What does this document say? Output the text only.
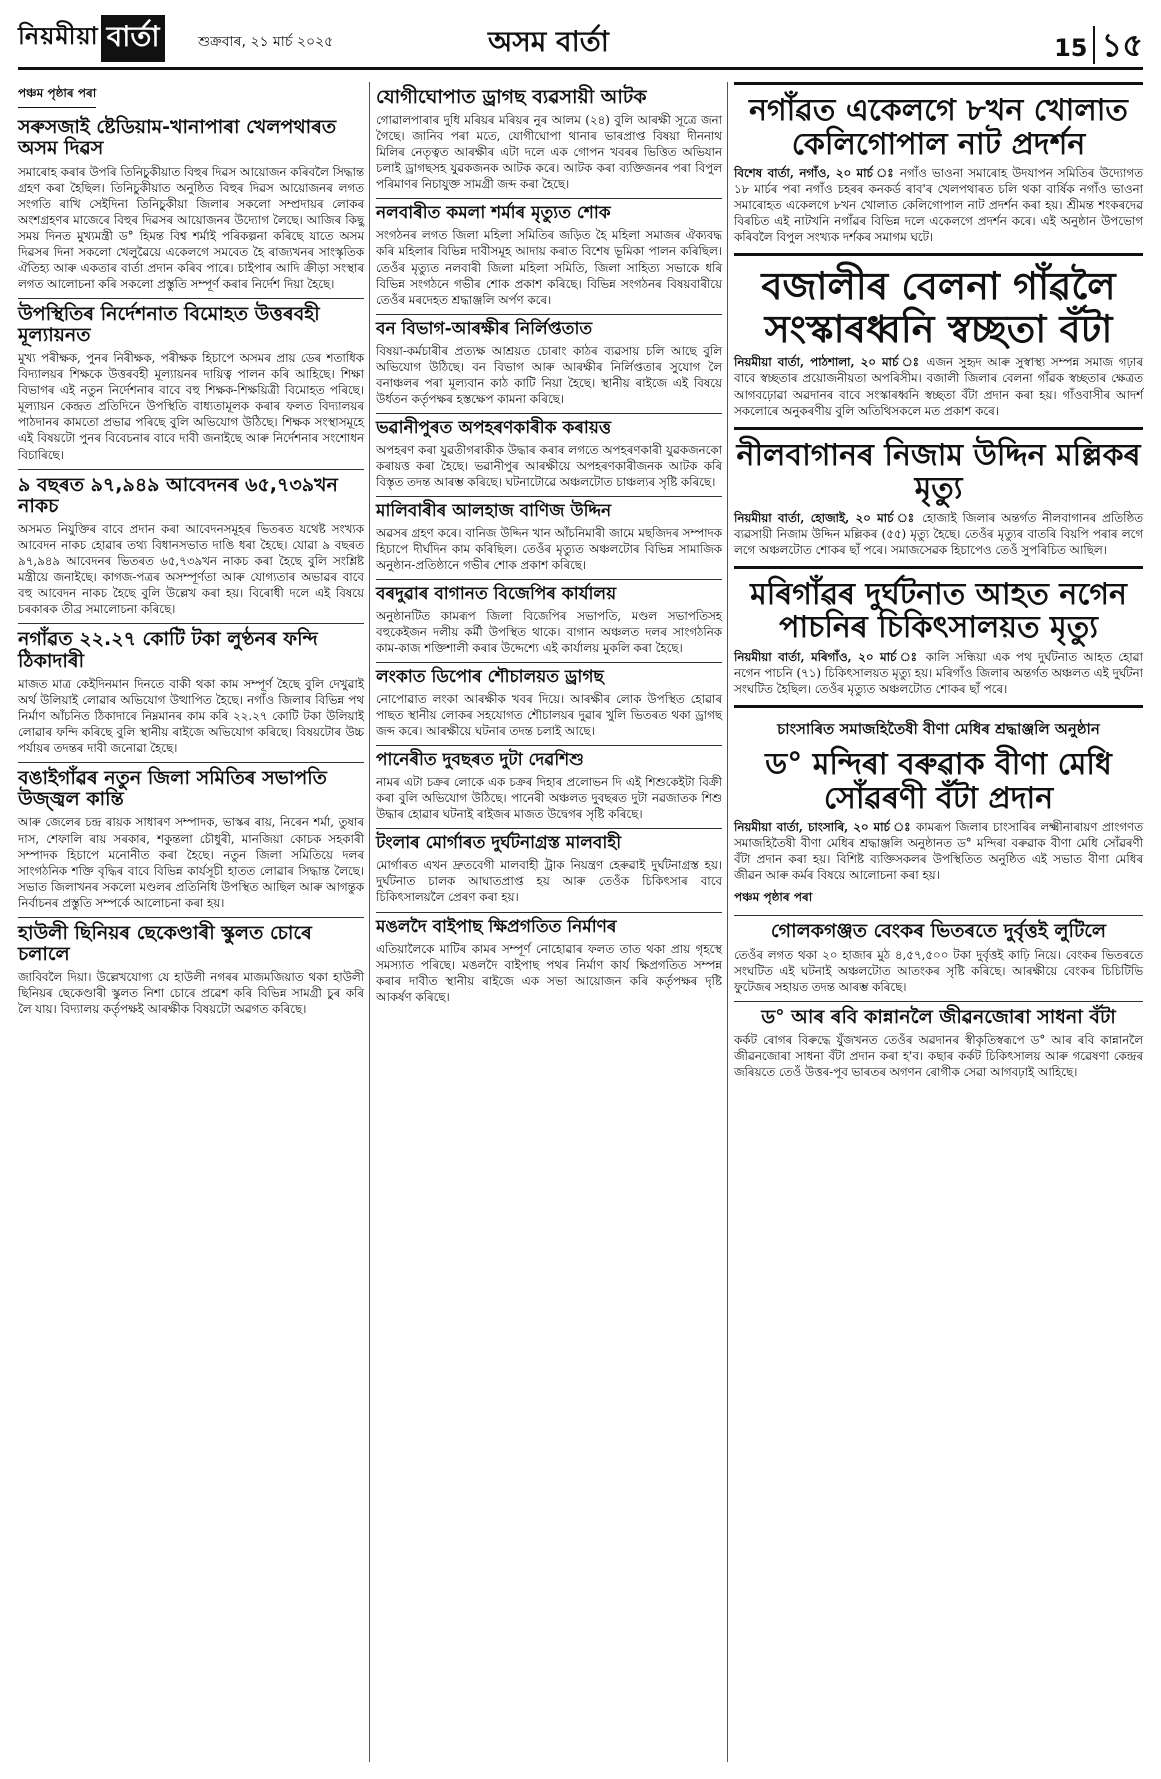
নিয়মীয়া বার্তা	শুক্ৰবাৰ, ২১ মাৰ্চ ২০২৫	অসম বাৰ্তা	15 ১৫
পঞ্চম পৃষ্ঠাৰ পৰা
সৰুসজাই ষ্টেডিয়াম-খানাপাৰা খেলপথাৰত অসম দিৱস

সমাৰোহ কৰাৰ উপৰি তিনিচুকীয়াত বিহুৰ দিৱস আয়োজন কৰিবলৈ সিদ্ধান্ত গ্ৰহণ কৰা হৈছিল। তিনিচুকীয়াত অনুষ্ঠিত বিহুৰ দিৱস আয়োজনৰ লগত সংগতি ৰাখি সেইদিনা তিনিচুকীয়া জিলাৰ সকলো সম্প্ৰদায়ৰ লোকৰ অংশগ্ৰহণৰ মাজেৰে বিহুৰ দিৱসৰ আয়োজনৰ উদ্যোগ লৈছে। আজিৰ কিছু সময় দিনত মুখ্যমন্ত্ৰী ড° হিমন্ত বিশ্ব শৰ্মাই পৰিকল্পনা কৰিছে যাতে অসম দিৱসৰ দিনা সকলো খেলুৱৈয়ে একেলগে সমবেত হৈ ৰাজ্যখনৰ সাংস্কৃতিক ঐতিহ্য আৰু একতাৰ বাৰ্তা প্ৰদান কৰিব পাৰে। চাইপাৰ আদি ক্ৰীড়া সংস্থাৰ লগত আলোচনা কৰি সকলো প্ৰস্তুতি সম্পূৰ্ণ কৰাৰ নিৰ্দেশ দিয়া হৈছে।

উপস্থিতিৰ নিৰ্দেশনাত বিমোহত উত্তৰবহী মূল্যায়নত

মুখ্য পৰীক্ষক, পুনৰ নিৰীক্ষক, পৰীক্ষক হিচাপে অসমৰ প্ৰায় ডেৰ শতাধিক বিদ্যালয়ৰ শিক্ষকে উত্তৰবহী মূল্যায়নৰ দায়িত্ব পালন কৰি আহিছে। শিক্ষা বিভাগৰ এই নতুন নিৰ্দেশনাৰ বাবে বহু শিক্ষক-শিক্ষয়িত্ৰী বিমোহত পৰিছে। মূল্যায়ন কেন্দ্ৰত প্ৰতিদিনে উপস্থিতি বাধ্যতামূলক কৰাৰ ফলত বিদ্যালয়ৰ পাঠদানৰ কামতো প্ৰভাৱ পৰিছে বুলি অভিযোগ উঠিছে। শিক্ষক সংস্থাসমূহে এই বিষয়টো পুনৰ বিবেচনাৰ বাবে দাবী জনাইছে আৰু নিৰ্দেশনাৰ সংশোধন বিচাৰিছে।

৯ বছৰত ৯৭,৯৪৯ আবেদনৰ ৬৫,৭৩৯খন নাকচ

অসমত নিযুক্তিৰ বাবে প্ৰদান কৰা আবেদনসমূহৰ ভিতৰত যথেষ্ট সংখ্যক আবেদন নাকচ হোৱাৰ তথ্য বিধানসভাত দাঙি ধৰা হৈছে। যোৱা ৯ বছৰত ৯৭,৯৪৯ আবেদনৰ ভিতৰত ৬৫,৭৩৯খন নাকচ কৰা হৈছে বুলি সংশ্লিষ্ট মন্ত্ৰীয়ে জনাইছে। কাগজ-পত্ৰৰ অসম্পূৰ্ণতা আৰু যোগ্যতাৰ অভাৱৰ বাবে বহু আবেদন নাকচ হৈছে বুলি উল্লেখ কৰা হয়। বিৰোধী দলে এই বিষয়ে চৰকাৰক তীব্ৰ সমালোচনা কৰিছে।

নগাঁৱত ২২.২৭ কোটি টকা লুণ্ঠনৰ ফন্দি ঠিকাদাৰী

মাজত মাত্ৰ কেইদিনমান দিনতে বাকী থকা কাম সম্পূৰ্ণ হৈছে বুলি দেখুৱাই অৰ্থ উলিয়াই লোৱাৰ অভিযোগ উত্থাপিত হৈছে। নগাঁও জিলাৰ বিভিন্ন পথ নিৰ্মাণ আঁচনিত ঠিকাদাৰে নিম্নমানৰ কাম কৰি ২২.২৭ কোটি টকা উলিয়াই লোৱাৰ ফন্দি কৰিছে বুলি স্থানীয় ৰাইজে অভিযোগ কৰিছে। বিষয়টোৰ উচ্চ পৰ্যায়ৰ তদন্তৰ দাবী জনোৱা হৈছে।

বঙাইগাঁৱৰ নতুন জিলা সমিতিৰ সভাপতি উজ্জ্বল কান্তি

আৰু জেলেৰ চন্দ্ৰ ৰায়ক সাধাৰণ সম্পাদক, ভাস্কৰ ৰায়, নিৰেন শৰ্মা, তুষাৰ দাস, শেফালি ৰায় সৰকাৰ, শকুন্তলা চৌধুৰী, মানজিয়া কোচক সহকাৰী সম্পাদক হিচাপে মনোনীত কৰা হৈছে। নতুন জিলা সমিতিয়ে দলৰ সাংগঠনিক শক্তি বৃদ্ধিৰ বাবে বিভিন্ন কাৰ্যসূচী হাতত লোৱাৰ সিদ্ধান্ত লৈছে। সভাত জিলাখনৰ সকলো মণ্ডলৰ প্ৰতিনিধি উপস্থিত আছিল আৰু আগন্তুক নিৰ্বাচনৰ প্ৰস্তুতি সম্পৰ্কে আলোচনা কৰা হয়।

হাউলী ছিনিয়ৰ ছেকেণ্ডাৰী স্কুলত চোৰে চলালে

জাবিবলৈ দিয়া। উল্লেখযোগ্য যে হাউলী নগৰৰ মাজমজিয়াত থকা হাউলী ছিনিয়ৰ ছেকেণ্ডাৰী স্কুলত নিশা চোৰে প্ৰৱেশ কৰি বিভিন্ন সামগ্ৰী চুৰ কৰি লৈ যায়। বিদ্যালয় কৰ্তৃপক্ষই আৰক্ষীক বিষয়টো অৱগত কৰিছে।

যোগীঘোপাত ড্ৰাগছ ব্যৱসায়ী আটক

গোৱালপাৰাৰ দুধি মৰিয়ৰ মৰিয়ৰ নুৰ আলম (২৪) বুলি আৰক্ষী সূত্ৰে জনা গৈছে। জানিব পৰা মতে, যোগীঘোপা থানাৰ ভাৰপ্ৰাপ্ত বিষয়া দীননাথ মিলিৰ নেতৃত্বত আৰক্ষীৰ এটা দলে এক গোপন খবৰৰ ভিত্তিত অভিযান চলাই ড্ৰাগছসহ যুৱকজনক আটক কৰে। আটক কৰা ব্যক্তিজনৰ পৰা বিপুল পৰিমাণৰ নিচাযুক্ত সামগ্ৰী জব্দ কৰা হৈছে।

নলবাৰীত কমলা শৰ্মাৰ মৃত্যুত শোক

সংগঠনৰ লগত জিলা মহিলা সমিতিৰ জড়িত হৈ মহিলা সমাজৰ ঐক্যবদ্ধ কৰি মহিলাৰ বিভিন্ন দাবীসমূহ আদায় কৰাত বিশেষ ভূমিকা পালন কৰিছিল। তেওঁৰ মৃত্যুত নলবাৰী জিলা মহিলা সমিতি, জিলা সাহিত্য সভাকে ধৰি বিভিন্ন সংগঠনে গভীৰ শোক প্ৰকাশ কৰিছে। বিভিন্ন সংগঠনৰ বিষয়বাৰীয়ে তেওঁৰ মৰদেহত শ্ৰদ্ধাঞ্জলি অৰ্পণ কৰে।

বন বিভাগ-আৰক্ষীৰ নিৰ্লিপ্ততাত

বিষয়া-কৰ্মচাৰীৰ প্ৰত্যক্ষ আশ্ৰয়ত চোৰাং কাঠৰ ব্যৱসায় চলি আছে বুলি অভিযোগ উঠিছে। বন বিভাগ আৰু আৰক্ষীৰ নিৰ্লিপ্ততাৰ সুযোগ লৈ বনাঞ্চলৰ পৰা মূল্যবান কাঠ কাটি নিয়া হৈছে। স্থানীয় ৰাইজে এই বিষয়ে উৰ্ধতন কৰ্তৃপক্ষৰ হস্তক্ষেপ কামনা কৰিছে।

ভৱানীপুৰত অপহৰণকাৰীক কৰায়ত্ত

অপহৰণ কৰা যুৱতীগৰাকীক উদ্ধাৰ কৰাৰ লগতে অপহৰণকাৰী যুৱকজনকো কৰায়ত্ত কৰা হৈছে। ভৱানীপুৰ আৰক্ষীয়ে অপহৰণকাৰীজনক আটক কৰি বিস্তৃত তদন্ত আৰম্ভ কৰিছে। ঘটনাটোৱে অঞ্চলটোত চাঞ্চল্যৰ সৃষ্টি কৰিছে।

মালিবাৰীৰ আলহাজ বাণিজ উদ্দিন

অৱসৰ গ্ৰহণ কৰে। বানিজ উদ্দিন খান আঁচনিমাৰী জামে মছজিদৰ সম্পাদক হিচাপে দীৰ্ঘদিন কাম কৰিছিল। তেওঁৰ মৃত্যুত অঞ্চলটোৰ বিভিন্ন সামাজিক অনুষ্ঠান-প্ৰতিষ্ঠানে গভীৰ শোক প্ৰকাশ কৰিছে।

বৰদুৱাৰ বাগানত বিজেপিৰ কাৰ্যালয়

অনুষ্ঠানটিত কামৰূপ জিলা বিজেপিৰ সভাপতি, মণ্ডল সভাপতিসহ বহুকেইজন দলীয় কৰ্মী উপস্থিত থাকে। বাগান অঞ্চলত দলৰ সাংগঠনিক কাম-কাজ শক্তিশালী কৰাৰ উদ্দেশ্যে এই কাৰ্যালয় মুকলি কৰা হৈছে।

লংকাত ডিপোৰ শৌচালয়ত ড্ৰাগছ

নোপোৱাত লংকা আৰক্ষীক খবৰ দিয়ে। আৰক্ষীৰ লোক উপস্থিত হোৱাৰ পাছত স্থানীয় লোকৰ সহযোগত শৌচালয়ৰ দুৱাৰ খুলি ভিতৰত থকা ড্ৰাগছ জব্দ কৰে। আৰক্ষীয়ে ঘটনাৰ তদন্ত চলাই আছে।

পানেৰীত দুবছৰত দুটা দেৱশিশু

নামৰ এটা চক্ৰৰ লোকে এক চক্ৰৰ দিহাৰ প্ৰলোভন দি এই শিশুকেইটা বিক্ৰী কৰা বুলি অভিযোগ উঠিছে। পানেৰী অঞ্চলত দুবছৰত দুটা নৱজাতক শিশু উদ্ধাৰ হোৱাৰ ঘটনাই ৰাইজৰ মাজত উদ্বেগৰ সৃষ্টি কৰিছে।

টংলাৰ মোৰ্গাৰত দুৰ্ঘটনাগ্ৰস্ত মালবাহী

মোৰ্গাৰত এখন দ্ৰুতবেগী মালবাহী ট্ৰাক নিয়ন্ত্ৰণ হেৰুৱাই দুৰ্ঘটনাগ্ৰস্ত হয়। দুৰ্ঘটনাত চালক আঘাতপ্ৰাপ্ত হয় আৰু তেওঁক চিকিৎসাৰ বাবে চিকিৎসালয়লৈ প্ৰেৰণ কৰা হয়।

মঙলদৈ বাইপাছ ক্ষিপ্ৰগতিত নিৰ্মাণৰ

এতিয়ালৈকে মাটিৰ কামৰ সম্পূৰ্ণ নোহোৱাৰ ফলত তাত থকা প্ৰায় গৃহস্থে সমস্যাত পৰিছে। মঙলদৈ বাইপাছ পথৰ নিৰ্মাণ কাৰ্য ক্ষিপ্ৰগতিত সম্পন্ন কৰাৰ দাবীত স্থানীয় ৰাইজে এক সভা আয়োজন কৰি কৰ্তৃপক্ষৰ দৃষ্টি আকৰ্ষণ কৰিছে।

নগাঁৱত একেলগে ৮খন খোলাত কেলিগোপাল নাট প্ৰদৰ্শন

বিশেষ বাৰ্তা, নগাঁও, ২০ মাৰ্চ ঃ নগাঁও ভাওনা সমাৰোহ উদযাপন সমিতিৰ উদ্যোগত ১৮ মাৰ্চৰ পৰা নগাঁও চহৰৰ কনকৰ্ড ৰাব'ৰ খেলপথাৰত চলি থকা বাৰ্ষিক নগাঁও ভাওনা সমাৰোহত একেলগে ৮খন খোলাত কেলিগোপাল নাট প্ৰদৰ্শন কৰা হয়। শ্ৰীমন্ত শংকৰদেৱ বিৰচিত এই নাটখনি নগাঁৱৰ বিভিন্ন দলে একেলগে প্ৰদৰ্শন কৰে। এই অনুষ্ঠান উপভোগ কৰিবলৈ বিপুল সংখ্যক দৰ্শকৰ সমাগম ঘটে।

বজালীৰ বেলনা গাঁৱলৈ সংস্কাৰধ্বনি স্বচ্ছতা বঁটা

নিয়মীয়া বাৰ্তা, পাঠশালা, ২০ মাৰ্চ ঃ এজন সুহৃদ আৰু সুস্বাস্থ্য সম্পন্ন সমাজ গঢ়াৰ বাবে স্বচ্ছতাৰ প্ৰয়োজনীয়তা অপৰিসীম। বজালী জিলাৰ বেলনা গাঁৱক স্বচ্ছতাৰ ক্ষেত্ৰত আগবঢ়োৱা অৱদানৰ বাবে সংস্কাৰধ্বনি স্বচ্ছতা বঁটা প্ৰদান কৰা হয়। গাঁওবাসীৰ আদৰ্শ সকলোৰে অনুকৰণীয় বুলি অতিথিসকলে মত প্ৰকাশ কৰে।

নীলবাগানৰ নিজাম উদ্দিন মল্লিকৰ মৃত্যু

নিয়মীয়া বাৰ্তা, হোজাই, ২০ মাৰ্চ ঃ হোজাই জিলাৰ অন্তৰ্গত নীলবাগানৰ প্ৰতিষ্ঠিত ব্যৱসায়ী নিজাম উদ্দিন মল্লিকৰ (৫৫) মৃত্যু হৈছে। তেওঁৰ মৃত্যুৰ বাতৰি বিয়পি পৰাৰ লগে লগে অঞ্চলটোত শোকৰ ছাঁ পৰে। সমাজসেৱক হিচাপেও তেওঁ সুপৰিচিত আছিল।

মৰিগাঁৱৰ দুৰ্ঘটনাত আহত নগেন পাচনিৰ চিকিৎসালয়ত মৃত্যু

নিয়মীয়া বাৰ্তা, মৰিগাঁও, ২০ মাৰ্চ ঃ কালি সন্ধিয়া এক পথ দুৰ্ঘটনাত আহত হোৱা নগেন পাচনি (৭১) চিকিৎসালয়ত মৃত্যু হয়। মৰিগাঁও জিলাৰ অন্তৰ্গত অঞ্চলত এই দুৰ্ঘটনা সংঘটিত হৈছিল। তেওঁৰ মৃত্যুত অঞ্চলটোত শোকৰ ছাঁ পৰে।

চাংসাৰিত সমাজহিতৈষী বীণা মেধিৰ শ্ৰদ্ধাঞ্জলি অনুষ্ঠান
ড° মন্দিৰা বৰুৱাক বীণা মেধি সোঁৱৰণী বঁটা প্ৰদান

নিয়মীয়া বাৰ্তা, চাংসাৰি, ২০ মাৰ্চ ঃ কামৰূপ জিলাৰ চাংসাৰিৰ লক্ষ্মীনাৰায়ণ প্ৰাংগণত সমাজহিতৈষী বীণা মেধিৰ শ্ৰদ্ধাঞ্জলি অনুষ্ঠানত ড° মন্দিৰা বৰুৱাক বীণা মেধি সোঁৱৰণী বঁটা প্ৰদান কৰা হয়। বিশিষ্ট ব্যক্তিসকলৰ উপস্থিতিত অনুষ্ঠিত এই সভাত বীণা মেধিৰ জীৱন আৰু কৰ্মৰ বিষয়ে আলোচনা কৰা হয়।

পঞ্চম পৃষ্ঠাৰ পৰা
গোলকগঞ্জত বেংকৰ ভিতৰতে দুৰ্বৃত্তই লুটিলে

তেওঁৰ লগত থকা ২০ হাজাৰ মুঠ ৪,৫৭,৫০০ টকা দুৰ্বৃত্তই কাঢ়ি নিয়ে। বেংকৰ ভিতৰতে সংঘটিত এই ঘটনাই অঞ্চলটোত আতংকৰ সৃষ্টি কৰিছে। আৰক্ষীয়ে বেংকৰ চিচিটিভি ফুটেজৰ সহায়ত তদন্ত আৰম্ভ কৰিছে।

ড° আৰ ৰবি কান্নানলৈ জীৱনজোৰা সাধনা বঁটা

কৰ্কট ৰোগৰ বিৰুদ্ধে যুঁজখনত তেওঁৰ অৱদানৰ স্বীকৃতিস্বৰূপে ড° আৰ ৰবি কান্নানলৈ জীৱনজোৰা সাধনা বঁটা প্ৰদান কৰা হ'ব। কছাৰ কৰ্কট চিকিৎসালয় আৰু গৱেষণা কেন্দ্ৰৰ জৰিয়তে তেওঁ উত্তৰ-পূব ভাৰতৰ অগণন ৰোগীক সেৱা আগবঢ়াই আহিছে।
